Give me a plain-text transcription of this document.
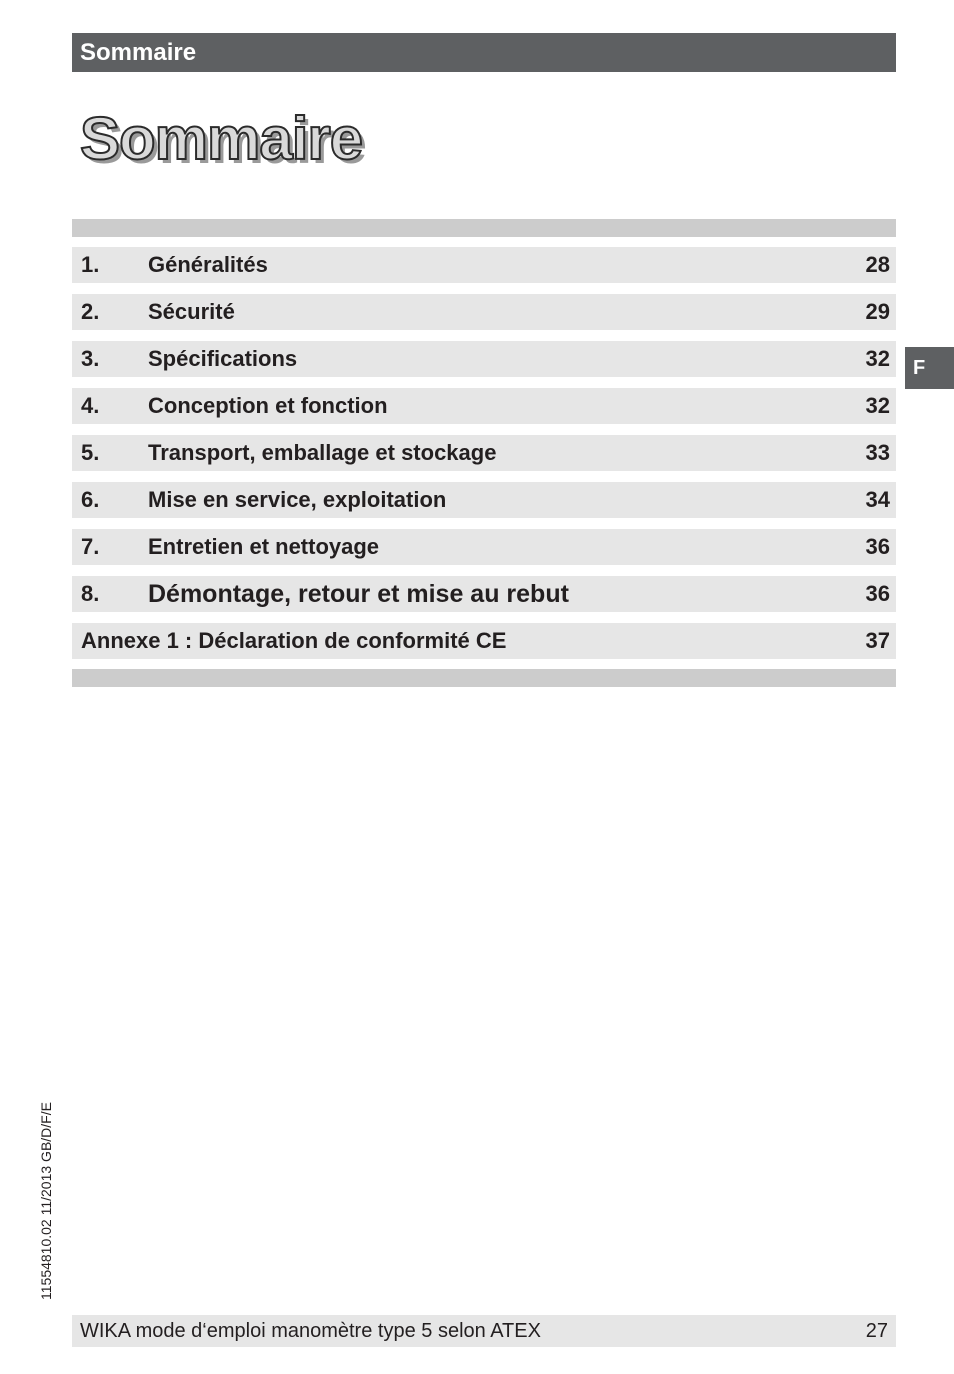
Sommaire
Sommaire
1. Généralités	28
2. Sécurité	29
3. Spécifications	32
4. Conception et fonction	32
5. Transport, emballage et stockage	33
6. Mise en service, exploitation	34
7. Entretien et nettoyage	36
8. Démontage, retour et mise au rebut	36
Annexe 1 : Déclaration de conformité CE	37
F
11554810.02 11/2013 GB/D/F/E
WIKA mode d‘emploi manomètre type 5 selon ATEX	27
